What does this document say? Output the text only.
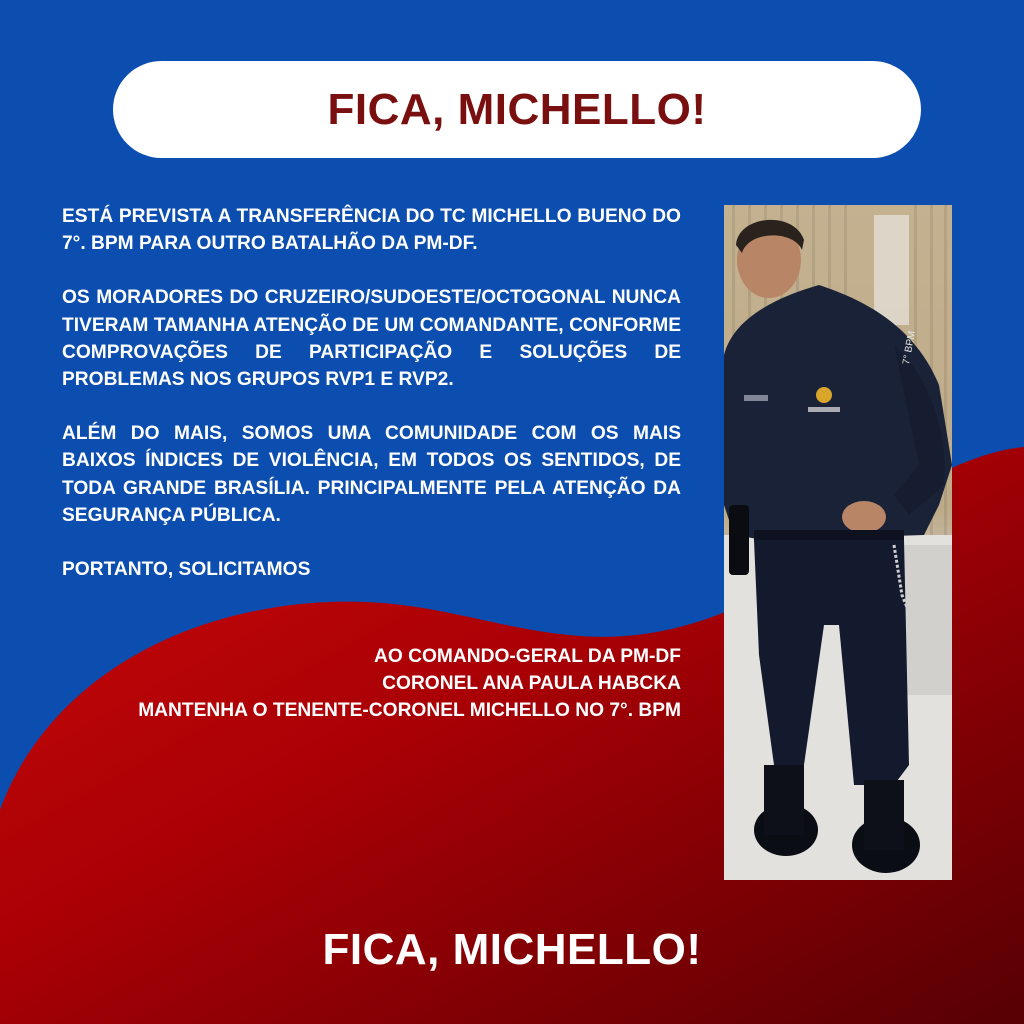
FICA, MICHELLO!

ESTÁ PREVISTA A TRANSFERÊNCIA DO TC MICHELLO BUENO DO 7°. BPM PARA OUTRO BATALHÃO DA PM-DF.

OS MORADORES DO CRUZEIRO/SUDOESTE/OCTOGONAL NUNCA TIVERAM TAMANHA ATENÇÃO DE UM COMANDANTE, CONFORME COMPROVAÇÕES DE PARTICIPAÇÃO E SOLUÇÕES DE PROBLEMAS NOS GRUPOS RVP1 E RVP2.

ALÉM DO MAIS, SOMOS UMA COMUNIDADE COM OS MAIS BAIXOS ÍNDICES DE VIOLÊNCIA, EM TODOS OS SENTIDOS, DE TODA GRANDE BRASÍLIA. PRINCIPALMENTE PELA ATENÇÃO DA SEGURANÇA PÚBLICA.

PORTANTO, SOLICITAMOS

AO COMANDO-GERAL DA PM-DF
CORONEL ANA PAULA HABCKA
MANTENHA O TENENTE-CORONEL MICHELLO NO 7°. BPM
7° BPM
FICA, MICHELLO!
